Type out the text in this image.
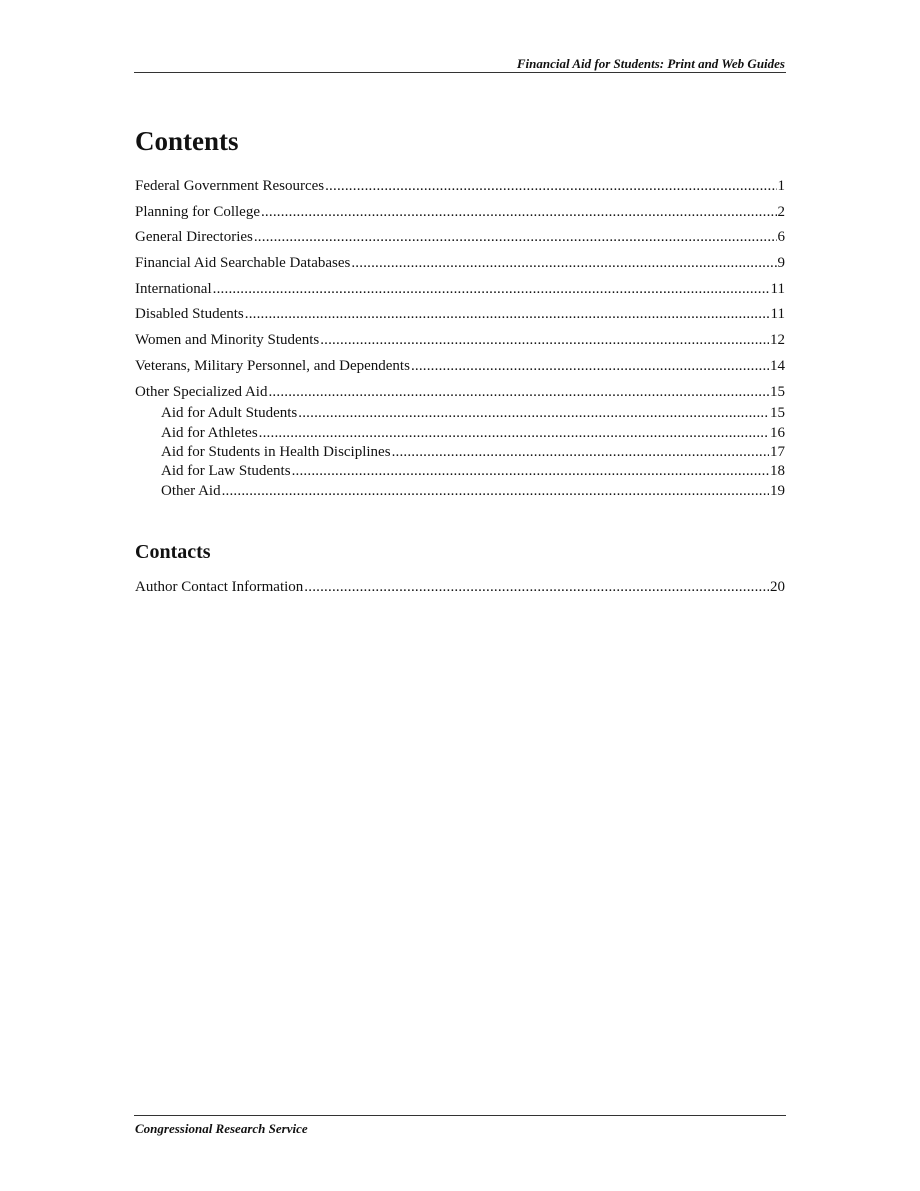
Financial Aid for Students: Print and Web Guides
Contents
Federal Government Resources .....	1
Planning for College .....	2
General Directories .....	6
Financial Aid Searchable Databases .....	9
International .....	11
Disabled Students .....	11
Women and Minority Students .....	12
Veterans, Military Personnel, and Dependents .....	14
Other Specialized Aid .....	15
Aid for Adult Students .....	15
Aid for Athletes .....	16
Aid for Students in Health Disciplines .....	17
Aid for Law Students .....	18
Other Aid .....	19
Contacts
Author Contact Information .....	20
Congressional Research Service
